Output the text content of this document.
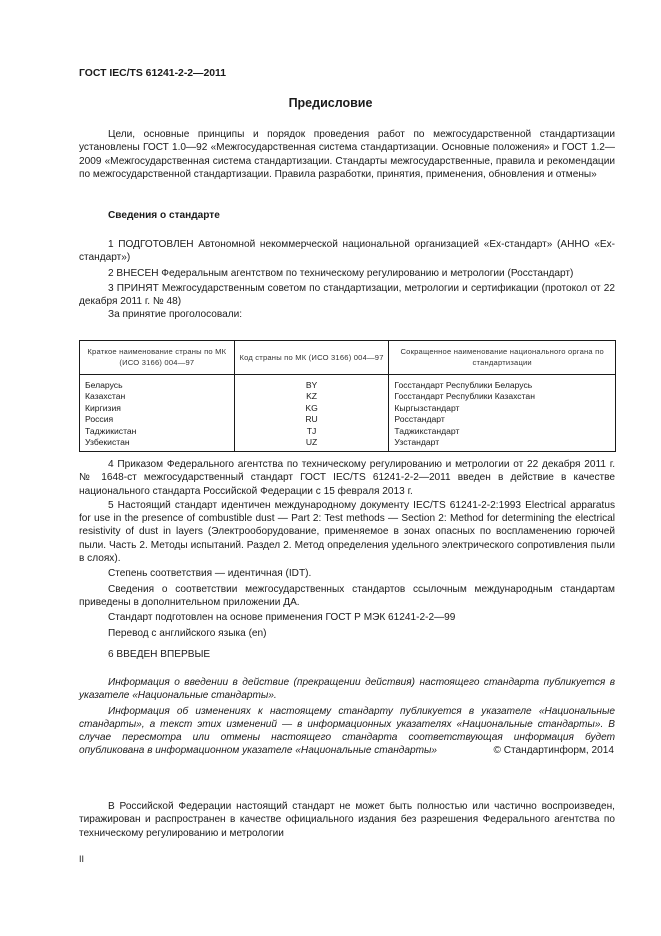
ГОСТ IEC/TS 61241-2-2—2011
Предисловие

Цели, основные принципы и порядок проведения работ по межгосударственной стандартизации установлены ГОСТ 1.0—92 «Межгосударственная система стандартизации. Основные положения» и ГОСТ 1.2—2009 «Межгосударственная система стандартизации. Стандарты межгосударственные, правила и рекомендации по межгосударственной стандартизации. Правила разработки, принятия, применения, обновления и отмены»

Сведения о стандарте

1 ПОДГОТОВЛЕН Автономной некоммерческой национальной организацией «Ех-стандарт» (АННО «Ех-стандарт»)

2 ВНЕСЕН Федеральным агентством по техническому регулированию и метрологии (Росстандарт)

3 ПРИНЯТ Межгосударственным советом по стандартизации, метрологии и сертификации (протокол от 22 декабря 2011 г. № 48)

За принятие проголосовали:

Краткое наименование страны по МК (ИСО 3166) 004—97	Код страны по МК (ИСО 3166) 004—97	Сокращенное наименование национального органа по стандартизации
Беларусь	BY	Госстандарт Республики Беларусь
Казахстан	KZ	Госстандарт Республики Казахстан
Киргизия	KG	Кыргызстандарт
Россия	RU	Росстандарт
Таджикистан	TJ	Таджикстандарт
Узбекистан	UZ	Узстандарт

4 Приказом Федерального агентства по техническому регулированию и метрологии от 22 декабря 2011 г. № 1648-ст межгосударственный стандарт ГОСТ IEC/TS 61241-2-2—2011 введен в действие в качестве национального стандарта Российской Федерации с 15 февраля 2013 г.

5 Настоящий стандарт идентичен международному документу IEC/TS 61241-2-2:1993 Electrical apparatus for use in the presence of combustible dust — Part 2: Test methods — Section 2: Method for determining the electrical resistivity of dust in layers (Электрооборудование, применяемое в зонах опасных по воспламенению горючей пыли. Часть 2. Методы испытаний. Раздел 2. Метод определения удельного электрического сопротивления пыли в слоях).

Степень соответствия — идентичная (IDT).

Сведения о соответствии межгосударственных стандартов ссылочным международным стандартам приведены в дополнительном приложении ДА.

Стандарт подготовлен на основе применения ГОСТ Р МЭК 61241-2-2—99

Перевод с английского языка (en)

6 ВВЕДЕН ВПЕРВЫЕ

Информация о введении в действие (прекращении действия) настоящего стандарта публикуется в указателе «Национальные стандарты».

Информация об изменениях к настоящему стандарту публикуется в указателе «Национальные стандарты», а текст этих изменений — в информационных указателях «Национальные стандарты». В случае пересмотра или отмены настоящего стандарта соответствующая информация будет опубликована в информационном указателе «Национальные стандарты»	© Стандартинформ, 2014

В Российской Федерации настоящий стандарт не может быть полностью или частично воспроизведен, тиражирован и распространен в качестве официального издания без разрешения Федерального агентства по техническому регулированию и метрологии

II
